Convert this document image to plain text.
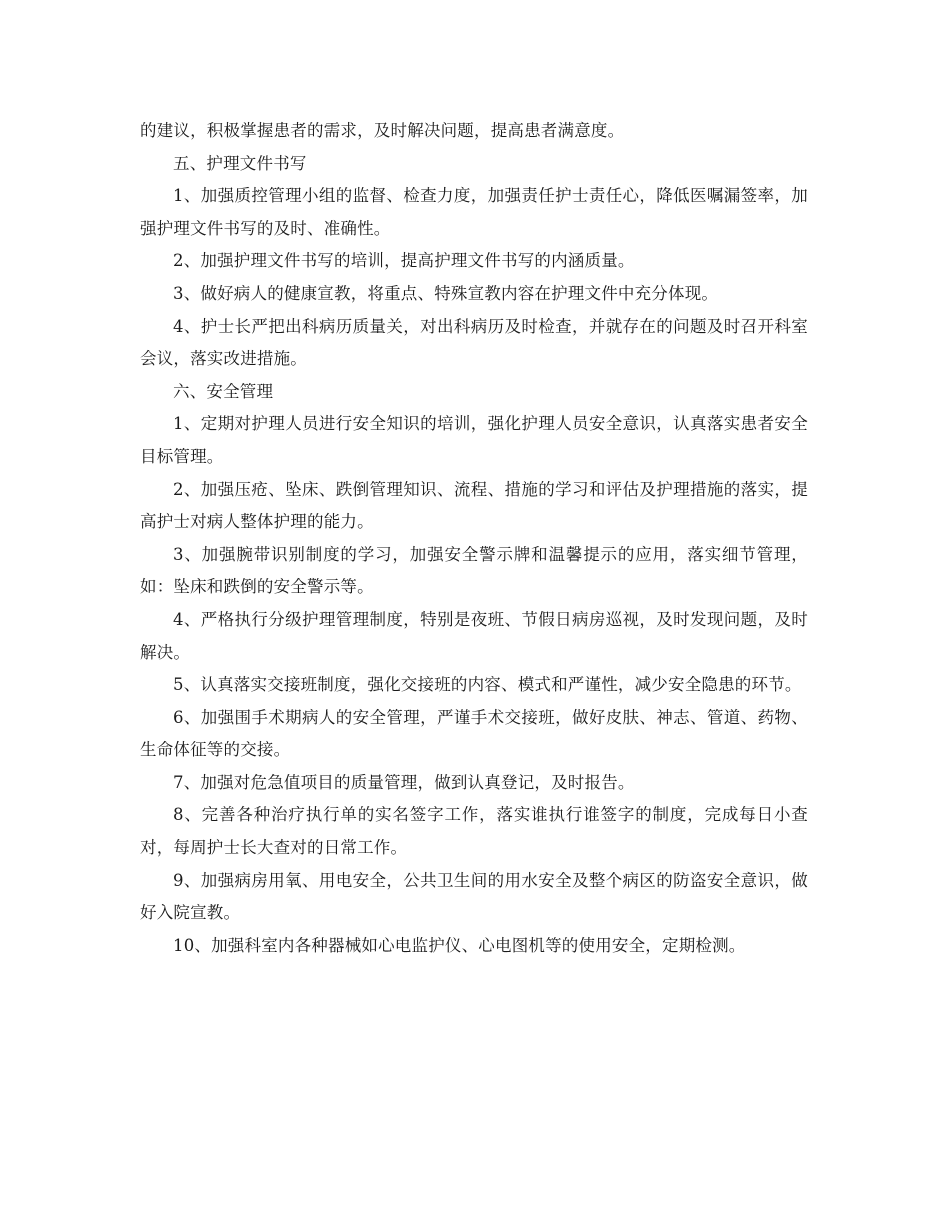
的建议，积极掌握患者的需求，及时解决问题，提高患者满意度。

五、护理文件书写

1、加强质控管理小组的监督、检查力度，加强责任护士责任心，降低医嘱漏签率，加强护理文件书写的及时、准确性。

2、加强护理文件书写的培训，提高护理文件书写的内涵质量。

3、做好病人的健康宣教，将重点、特殊宣教内容在护理文件中充分体现。

4、护士长严把出科病历质量关，对出科病历及时检查，并就存在的问题及时召开科室会议，落实改进措施。

六、安全管理

1、定期对护理人员进行安全知识的培训，强化护理人员安全意识，认真落实患者安全目标管理。

2、加强压疮、坠床、跌倒管理知识、流程、措施的学习和评估及护理措施的落实，提高护士对病人整体护理的能力。

3、加强腕带识别制度的学习，加强安全警示牌和温馨提示的应用，落实细节管理，如：坠床和跌倒的安全警示等。

4、严格执行分级护理管理制度，特别是夜班、节假日病房巡视，及时发现问题，及时解决。

5、认真落实交接班制度，强化交接班的内容、模式和严谨性，减少安全隐患的环节。

6、加强围手术期病人的安全管理，严谨手术交接班，做好皮肤、神志、管道、药物、生命体征等的交接。

7、加强对危急值项目的质量管理，做到认真登记，及时报告。

8、完善各种治疗执行单的实名签字工作，落实谁执行谁签字的制度，完成每日小查对，每周护士长大查对的日常工作。

9、加强病房用氧、用电安全，公共卫生间的用水安全及整个病区的防盗安全意识，做好入院宣教。

10、加强科室内各种器械如心电监护仪、心电图机等的使用安全，定期检测。
